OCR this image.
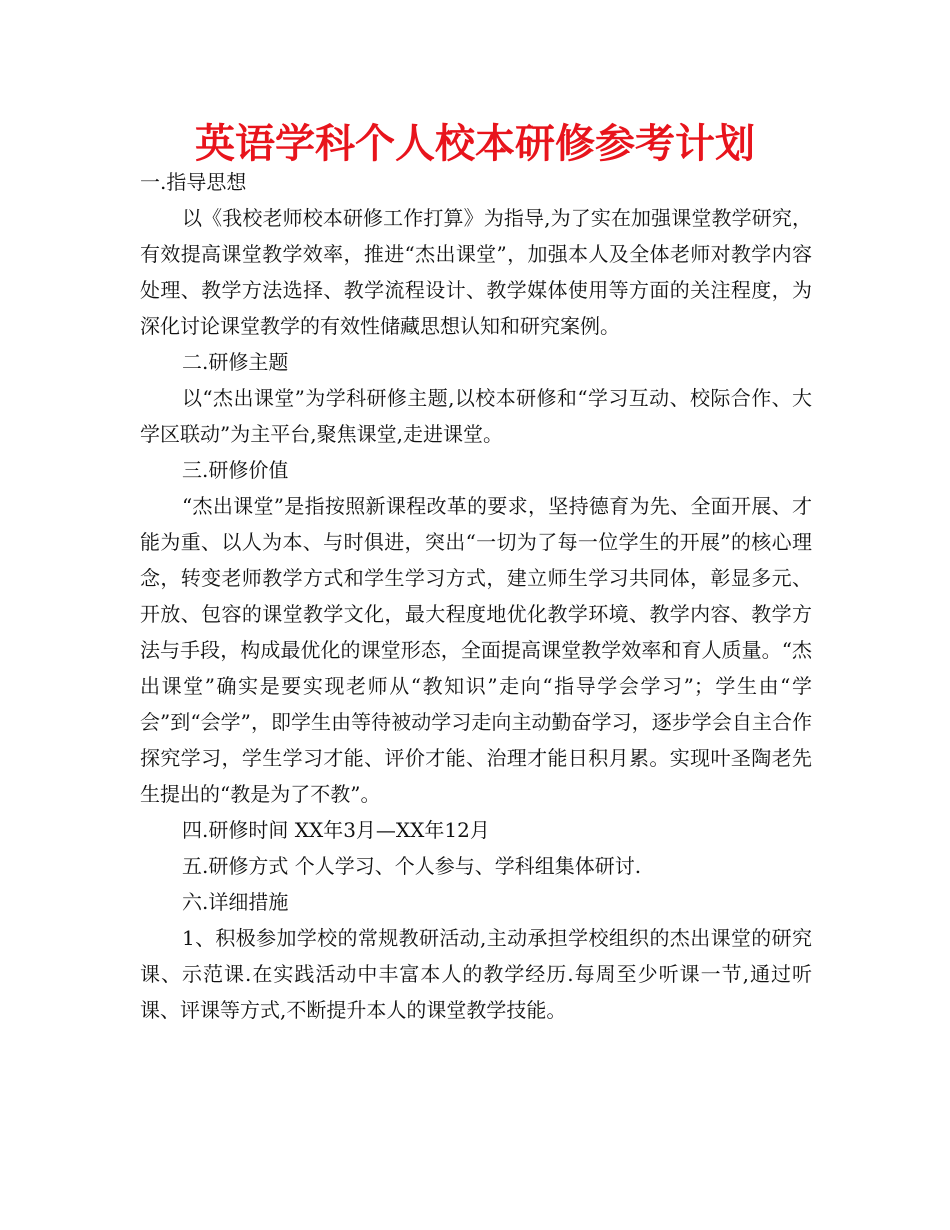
英语学科个人校本研修参考计划

一.指导思想

以《我校老师校本研修工作打算》为指导,为了实在加强课堂教学研究，有效提高课堂教学效率，推进“杰出课堂”，加强本人及全体老师对教学内容处理、教学方法选择、教学流程设计、教学媒体使用等方面的关注程度，为深化讨论课堂教学的有效性储藏思想认知和研究案例。

二.研修主题

以“杰出课堂”为学科研修主题,以校本研修和“学习互动、校际合作、大学区联动”为主平台,聚焦课堂,走进课堂。

三.研修价值

“杰出课堂”是指按照新课程改革的要求，坚持德育为先、全面开展、才能为重、以人为本、与时俱进，突出“一切为了每一位学生的开展”的核心理念，转变老师教学方式和学生学习方式，建立师生学习共同体，彰显多元、开放、包容的课堂教学文化，最大程度地优化教学环境、教学内容、教学方法与手段，构成最优化的课堂形态，全面提高课堂教学效率和育人质量。“杰出课堂”确实是要实现老师从“教知识”走向“指导学会学习”；学生由“学会”到“会学”，即学生由等待被动学习走向主动勤奋学习，逐步学会自主合作探究学习，学生学习才能、评价才能、治理才能日积月累。实现叶圣陶老先生提出的“教是为了不教”。

四.研修时间 XX年3月—XX年12月

五.研修方式 个人学习、个人参与、学科组集体研讨.

六.详细措施

1、积极参加学校的常规教研活动,主动承担学校组织的杰出课堂的研究课、示范课.在实践活动中丰富本人的教学经历.每周至少听课一节,通过听课、评课等方式,不断提升本人的课堂教学技能。
